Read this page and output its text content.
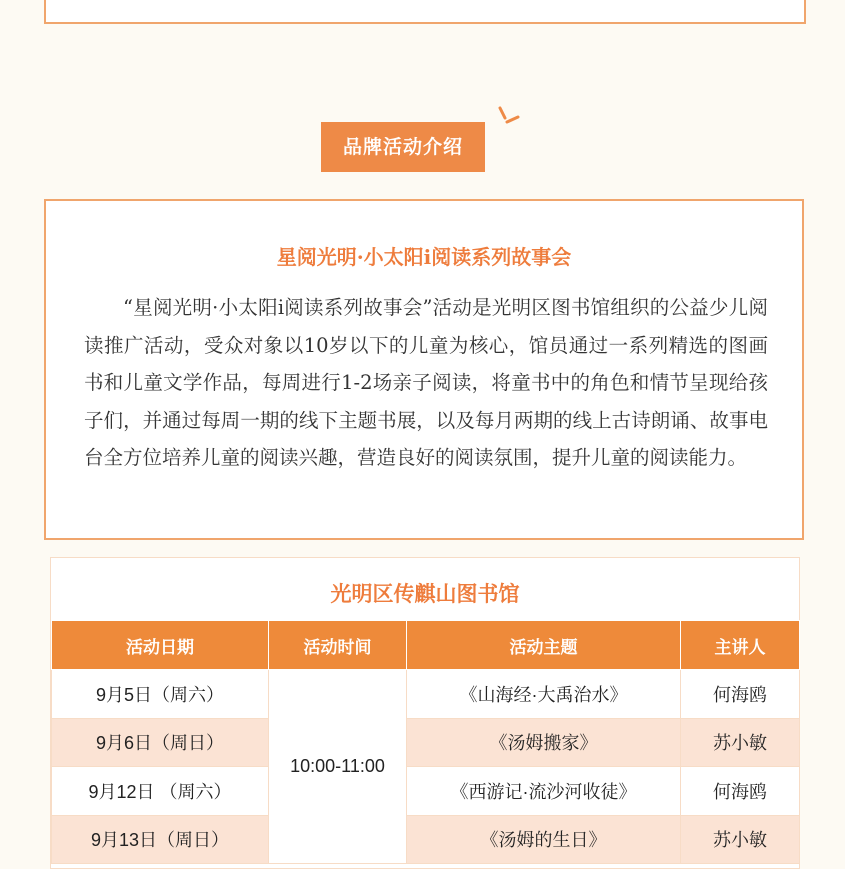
品牌活动介绍
星阅光明·小太阳i阅读系列故事会

“星阅光明·小太阳i阅读系列故事会”活动是光明区图书馆组织的公益少儿阅读推广活动，受众对象以10岁以下的儿童为核心，馆员通过一系列精选的图画书和儿童文学作品，每周进行1-2场亲子阅读，将童书中的角色和情节呈现给孩子们，并通过每周一期的线下主题书展，以及每月两期的线上古诗朗诵、故事电台全方位培养儿童的阅读兴趣，营造良好的阅读氛围，提升儿童的阅读能力。

光明区传麒山图书馆
活动日期	活动时间	活动主题	主讲人
9月5日（周六）	10:00-11:00	《山海经·大禹治水》	何海鸥
9月6日（周日）		《汤姆搬家》	苏小敏
9月12日 （周六）		《西游记·流沙河收徒》	何海鸥
9月13日（周日）		《汤姆的生日》	苏小敏
